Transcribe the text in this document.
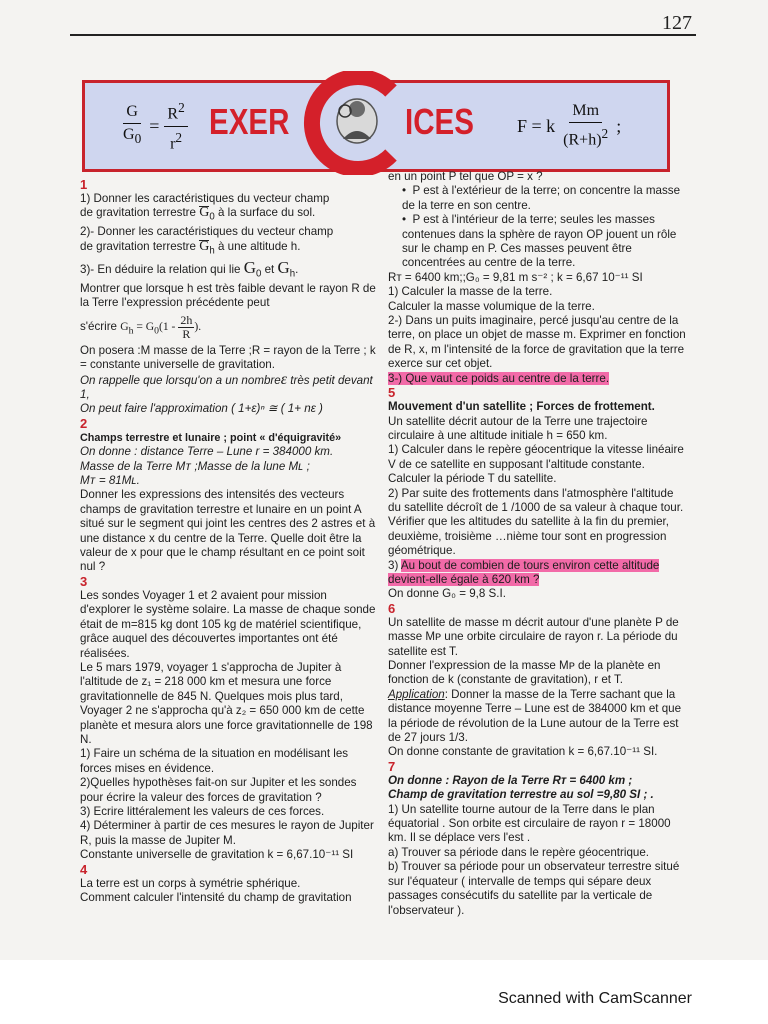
127
$\frac{G}{G_0} = \frac{R^2}{r^2}$ EXER	ICES F = k $\frac{Mm}{(R+h)^2}$ ;

1

1) Donner les caractéristiques du vecteur champ

de gravitation terrestre $G_0$ à la surface du sol.

2)- Donner les caractéristiques du vecteur champ

de gravitation terrestre $G_h$ à une altitude h.

3)- En déduire la relation qui lie $G_0$ et $G_h$.

Montrer que lorsque h est très faible devant le rayon R de la Terre l'expression précédente peut

s'écrire $G_h = G_0(1 - \frac{2h}{R}$ ).

On posera :M masse de la Terre ;R = rayon de la Terre ; k = constante universelle de gravitation.

On rappelle que lorsqu'on a un nombreε très petit devant 1,

On peut faire l'approximation ( 1+ε)ⁿ ≅ ( 1+ nε )

2

Champs terrestre et lunaire ; point « d'équigravité»

On donne : distance Terre – Lune r = 384000 km.

Masse de la Terre Mᴛ ;Masse de la lune Mʟ ;

Mᴛ = 81Mʟ.

Donner les expressions des intensités des vecteurs champs de gravitation terrestre et lunaire en un point A situé sur le segment qui joint les centres des 2 astres et à une distance x du centre de la Terre. Quelle doit être la valeur de x pour que le champ résultant en ce point soit nul ?

3

Les sondes Voyager 1 et 2 avaient pour mission d'explorer le système solaire. La masse de chaque sonde était de m=815 kg dont 105 kg de matériel scientifique, grâce auquel des découvertes importantes ont été réalisées.

Le 5 mars 1979, voyager 1 s'approcha de Jupiter à l'altitude de z₁ = 218 000 km et mesura une force gravitationnelle de 845 N. Quelques mois plus tard, Voyager 2 ne s'approcha qu'à z₂ = 650 000 km de cette planète et mesura alors une force gravitationnelle de 198 N.

1) Faire un schéma de la situation en modélisant les forces mises en évidence.

2)Quelles hypothèses fait-on sur Jupiter et les sondes pour écrire la valeur des forces de gravitation ?

3) Ecrire littéralement les valeurs de ces forces.

4) Déterminer à partir de ces mesures le rayon de Jupiter R, puis la masse de Jupiter M.

Constante universelle de gravitation k = 6,67.10⁻¹¹ SI

4

La terre est un corps à symétrie sphérique.

Comment calculer l'intensité du champ de gravitation

en un point P tel que OP = x ?

•  P est à l'extérieur de la terre; on concentre la masse de la terre en son centre.

•  P est à l'intérieur de la terre; seules les masses contenues dans la sphère de rayon OP jouent un rôle sur le champ en P. Ces masses peuvent être concentrées au centre de la terre.

Rᴛ = 6400 km;;G₀ = 9,81 m s⁻² ; k = 6,67 10⁻¹¹ SI

1) Calculer la masse de la terre.

Calculer la masse volumique de la terre.

2-) Dans un puits imaginaire, percé jusqu'au centre de la terre, on place un objet de masse m. Exprimer en fonction de R, x, m l'intensité de la force de gravitation que la terre exerce sur cet objet.

3-) Que vaut ce poids au centre de la terre.

5

Mouvement d'un satellite ; Forces de frottement.

Un satellite décrit autour de la Terre une trajectoire circulaire à une altitude initiale h = 650 km.

1) Calculer dans le repère géocentrique la vitesse linéaire V de ce satellite en supposant l'altitude constante. Calculer la période T du satellite.

2) Par suite des frottements dans l'atmosphère l'altitude du satellite décroît de 1 /1000 de sa valeur à chaque tour. Vérifier que les altitudes du satellite à la fin du premier, deuxième, troisième …nième tour sont en progression géométrique.

3) Au bout de combien de tours environ cette altitude devient-elle égale à 620 km ?

On donne G₀ = 9,8 S.I.

6

Un satellite de masse m décrit autour d'une planète P de masse Mᴘ une orbite circulaire de rayon r. La période du satellite est T.

Donner l'expression de la masse Mᴘ de la planète en fonction de k (constante de gravitation), r et T.

Application: Donner la masse de la Terre sachant que la distance moyenne Terre – Lune est de 384000 km et que la période de révolution de la Lune autour de la Terre est de 27 jours 1/3.

On donne constante de gravitation k = 6,67.10⁻¹¹ SI.

7

On donne : Rayon de la Terre Rᴛ = 6400 km ;

Champ de gravitation terrestre au sol =9,80 SI ; .

1) Un satellite tourne autour de la Terre dans le plan équatorial . Son orbite est circulaire de rayon r = 18000 km. Il se déplace vers l'est .

a) Trouver sa période dans le repère géocentrique.

b) Trouver sa période pour un observateur terrestre situé sur l'équateur ( intervalle de temps qui sépare deux passages consécutifs du satellite par la verticale de l'observateur ).

Scanned with CamScanner
